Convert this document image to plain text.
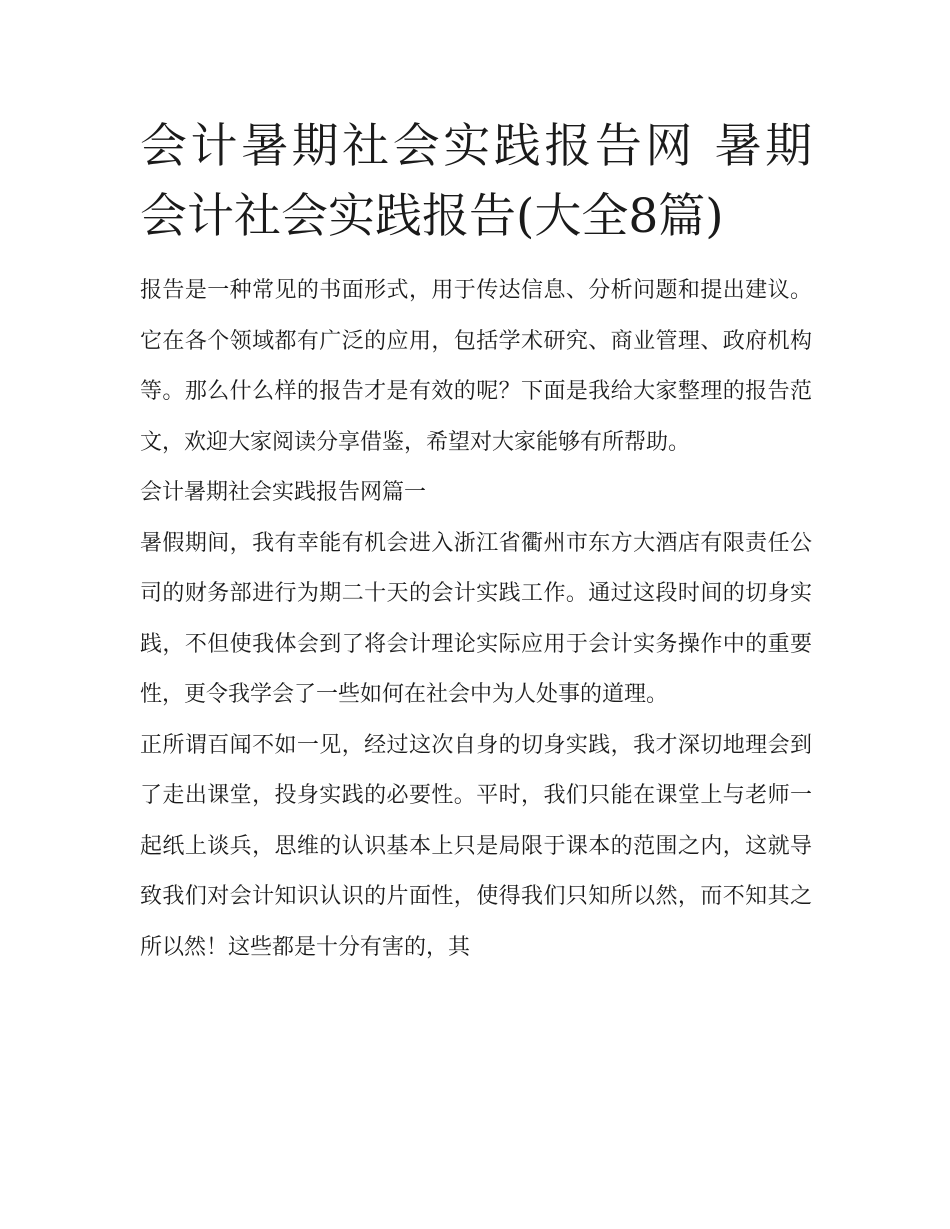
会计暑期社会实践报告网 暑期会计社会实践报告(大全8篇)

报告是一种常见的书面形式，用于传达信息、分析问题和提出建议。它在各个领域都有广泛的应用，包括学术研究、商业管理、政府机构等。那么什么样的报告才是有效的呢？下面是我给大家整理的报告范文，欢迎大家阅读分享借鉴，希望对大家能够有所帮助。

会计暑期社会实践报告网篇一

暑假期间，我有幸能有机会进入浙江省衢州市东方大酒店有限责任公司的财务部进行为期二十天的会计实践工作。通过这段时间的切身实践，不但使我体会到了将会计理论实际应用于会计实务操作中的重要性，更令我学会了一些如何在社会中为人处事的道理。

正所谓百闻不如一见，经过这次自身的切身实践，我才深切地理会到了走出课堂，投身实践的必要性。平时，我们只能在课堂上与老师一起纸上谈兵，思维的认识基本上只是局限于课本的范围之内，这就导致我们对会计知识认识的片面性，使得我们只知所以然，而不知其之所以然！这些都是十分有害的，其
